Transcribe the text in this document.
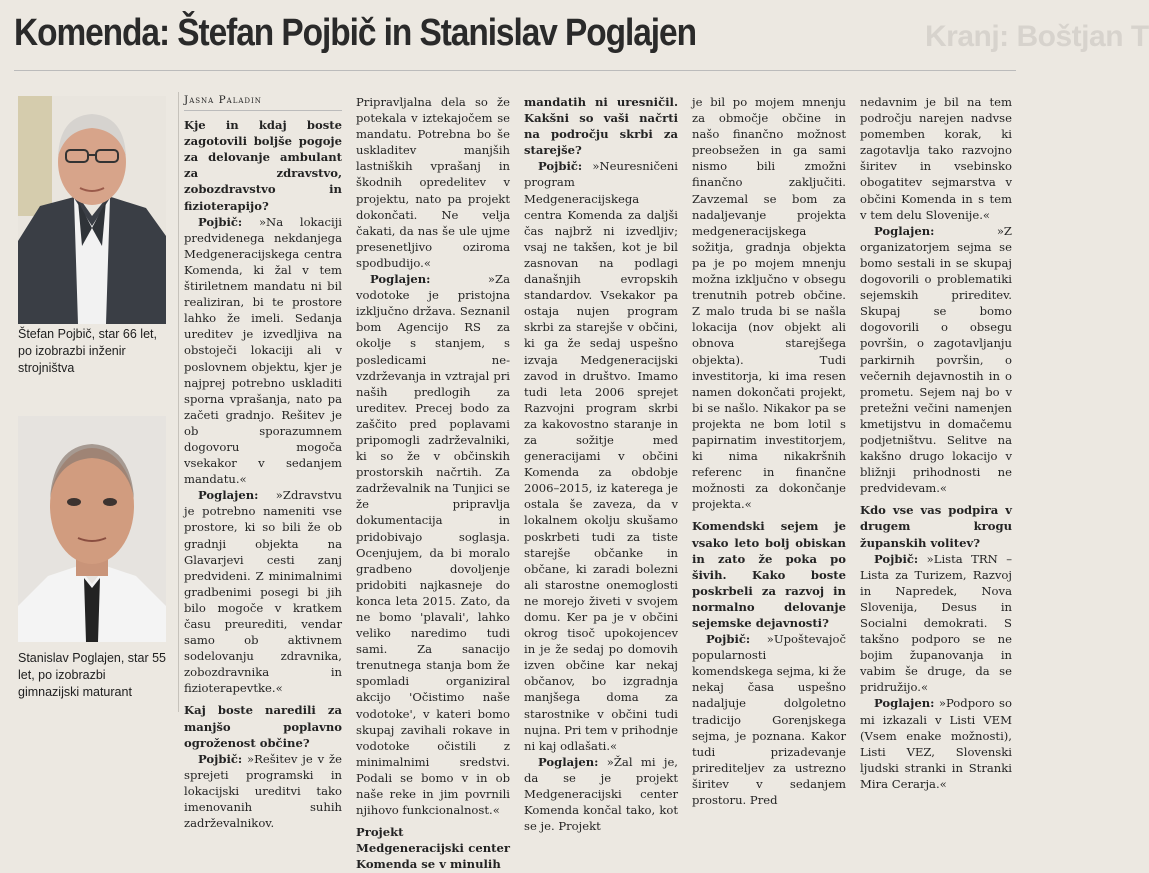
Kranj: Boštjan T
Komenda: Štefan Pojbič in Stanislav Poglajen
Štefan Pojbič, star 66 let, po izobrazbi inženir strojništva
Stanislav Poglajen, star 55 let, po izobrazbi gimnazijski maturant

Jasna Paladin

Kje in kdaj boste zagotovili boljše pogoje za delovanje ambulant za zdravstvo, zobozdravstvo in fizioterapijo?

Pojbič: »Na lokaciji predvidenega nekdanjega Medgeneracijskega centra Komenda, ki žal v tem štiriletnem mandatu ni bil realiziran, bi te prostore lahko že imeli. Sedanja ureditev je izvedljiva na obstoječi lokaciji ali v poslovnem objektu, kjer je najprej potrebno uskladiti sporna vprašanja, nato pa začeti gradnjo. Rešitev je ob sporazumnem dogovoru mogoča vsekakor v sedanjem mandatu.«

Poglajen: »Zdravstvu je potrebno nameniti vse prostore, ki so bili že ob gradnji objekta na Glavarjevi cesti zanj predvideni. Z minimalnimi gradbenimi posegi bi jih bilo mogoče v kratkem času preurediti, vendar samo ob aktivnem sodelovanju zdravnika, zobozdravnika in fizioterapevtke.«

Kaj boste naredili za manjšo poplavno ogroženost občine?

Pojbič: »Rešitev je v že sprejeti programski in lokacijski ureditvi tako imenovanih suhih zadrževalnikov.

Pripravljalna dela so že potekala v iztekajočem se mandatu. Potrebna bo še uskladitev manjših lastniških vprašanj in škodnih opredelitev v projektu, nato pa projekt dokončati. Ne velja čakati, da nas še ule ujme presenetljivo oziroma spodbudijo.«

Poglajen: »Za vodotoke je pristojna izključno država. Seznanil bom Agencijo RS za okolje s stanjem, s posledicami ne-vzdrževanja in vztrajal pri naših predlogih za ureditev. Precej bodo za zaščito pred poplavami pripomogli zadrževalniki, ki so že v občinskih prostorskih načrtih. Za zadrževalnik na Tunjici se že pripravlja dokumentacija in pridobivajo soglasja. Ocenjujem, da bi moralo gradbeno dovoljenje pridobiti najkasneje do konca leta 2015. Zato, da ne bomo 'plavali', lahko veliko naredimo tudi sami. Za sanacijo trenutnega stanja bom že spomladi organiziral akcijo 'Očistimo naše vodotoke', v kateri bomo skupaj zavihali rokave in vodotoke očistili z minimalnimi sredstvi. Podali se bomo v in ob naše reke in jim povrnili njihovo funkcionalnost.«

Projekt Medgeneracijski center Komenda se v minulih

mandatih ni uresničil. Kakšni so vaši načrti na področju skrbi za starejše?

Pojbič: »Neuresničeni program Medgeneracijskega centra Komenda za dalјši čas najbrž ni izvedljiv; vsaj ne takšen, kot je bil zasnovan na podlagi današnjih evropskih standardov. Vsekakor pa ostaja nujen program skrbi za starejše v občini, ki ga že sedaj uspešno izvaja Medgeneracijski zavod in društvo. Imamo tudi leta 2006 sprejet Razvojni program skrbi za kakovostno staranje in za sožitje med generacijami v občini Komenda za obdobje 2006–2015, iz katerega je ostala še zaveza, da v lokalnem okolju skušamo poskrbeti tudi za tiste starejše občanke in občane, ki zaradi bolezni ali starostne onemoglosti ne morejo živeti v svojem domu. Ker pa je v občini okrog tisoč upokojencev in je že sedaj po domovih izven občine kar nekaj občanov, bo izgradnja manjšega doma za starostnike v občini tudi nujna. Pri tem v prihodnje ni kaj odlašati.«

Poglajen: »Žal mi je, da se je projekt Medgeneracijski center Komenda končal tako, kot se je. Projekt

je bil po mojem mnenju za območje občine in našo finančno možnost preobsežen in ga sami nismo bili zmožni finančno zaključiti. Zavzemal se bom za nadaljevanje projekta medgeneracijskega sožitja, gradnja objekta pa je po mojem mnenju možna izključno v obsegu trenutnih potreb občine. Z malo truda bi se našla lokacija (nov objekt ali obnova starejšega objekta). Tudi investitorja, ki ima resen namen dokončati projekt, bi se našlo. Nikakor pa se projekta ne bom lotil s papirnatim investitorjem, ki nima nikakršnih referenc in finančne možnosti za dokončanje projekta.«

Komendski sejem je vsako leto bolj obiskan in zato že poka po šivih. Kako boste poskrbeli za razvoj in normalno delovanje sejemske dejavnosti?

Pojbič: »Upoštevajoč popularnosti komendskega sejma, ki že nekaj časa uspešno nadaljuje dolgoletno tradicijo Gorenjskega sejma, je poznana. Kakor tudi prizadevanje prireditelјev za ustrezno širitev v sedanjem prostoru. Pred

nedavnim je bil na tem področju narejen nadvse pomemben korak, ki zagotavlja tako razvojno širitev in vsebinsko obogatitev sejmarstva v občini Komenda in s tem v tem delu Slovenije.«

Poglajen: »Z organizatorjem sejma se bomo sestali in se skupaj dogovorili o problematiki sejemskih prireditev. Skupaj se bomo dogovorili o obsegu površin, o zagotavljanju parkirnih površin, o večernih dejavnostih in o prometu. Sejem naj bo v pretežni večini namenjen kmetijstvu in domačemu podjetništvu. Selitve na kakšno drugo lokacijo v bližnji prihodnosti ne predvidevam.«

Kdo vse vas podpira v drugem krogu županskih volitev?

Pojbič: »Lista TRN – Lista za Turizem, Razvoj in Napredek, Nova Slovenija, Desus in Socialni demokrati. S takšno podporo se ne bojim županovanja in vabim še druge, da se pridružijo.«

Poglajen: »Podporo so mi izkazali v Listi VEM (Vsem enake možnosti), Listi VEZ, Slovenski ljudski stranki in Stranki Mira Cerarja.«
